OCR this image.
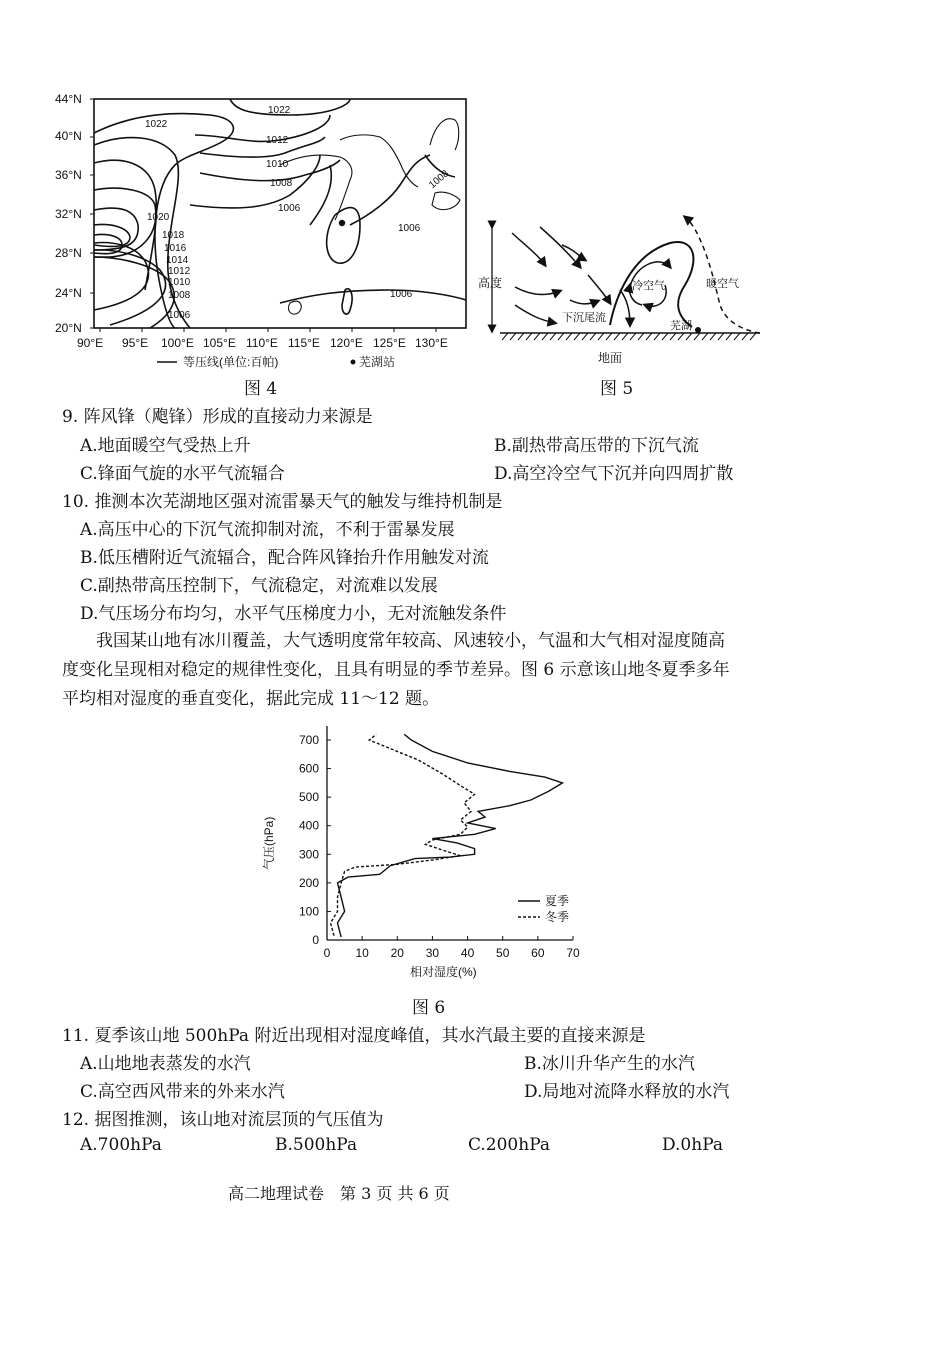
44°N
40°N
36°N
32°N
28°N
24°N
20°N
1022
1022
1012
1010
1008
1006
1006
1006
1006
1008
1020
1018
1016
1014
1012
1010
1008
90°E 95°E 100°E 105°E 110°E 115°E 120°E 125°E 130°E
等压线(单位:百帕)	芜湖站
图 4
高度	冷空气	暖空气
下沉尾流
芜湖
地面
图 5
9. 阵风锋（飑锋）形成的直接动力来源是
A.地面暖空气受热上升	B.副热带高压带的下沉气流
C.锋面气旋的水平气流辐合	D.高空冷空气下沉并向四周扩散
10. 推测本次芜湖地区强对流雷暴天气的触发与维持机制是
A.高压中心的下沉气流抑制对流，不利于雷暴发展
B.低压槽附近气流辐合，配合阵风锋抬升作用触发对流
C.副热带高压控制下，气流稳定，对流难以发展
D.气压场分布均匀，水平气压梯度力小，无对流触发条件
我国某山地有冰川覆盖，大气透明度常年较高、风速较小，气温和大气相对湿度随高
度变化呈现相对稳定的规律性变化，且具有明显的季节差异。图 6 示意该山地冬夏季多年
平均相对湿度的垂直变化，据此完成 11～12 题。
0
100
200
300
400
500
600
700
0 10 20 30 40 50 60 70
气压(hPa)
相对湿度(%)
夏季
冬季
图 6
11. 夏季该山地 500hPa 附近出现相对湿度峰值，其水汽最主要的直接来源是
A.山地地表蒸发的水汽	B.冰川升华产生的水汽
C.高空西风带来的外来水汽	D.局地对流降水释放的水汽
12. 据图推测，该山地对流层顶的气压值为
A.700hPa	B.500hPa	C.200hPa	D.0hPa
高二地理试卷　第 3 页 共 6 页
